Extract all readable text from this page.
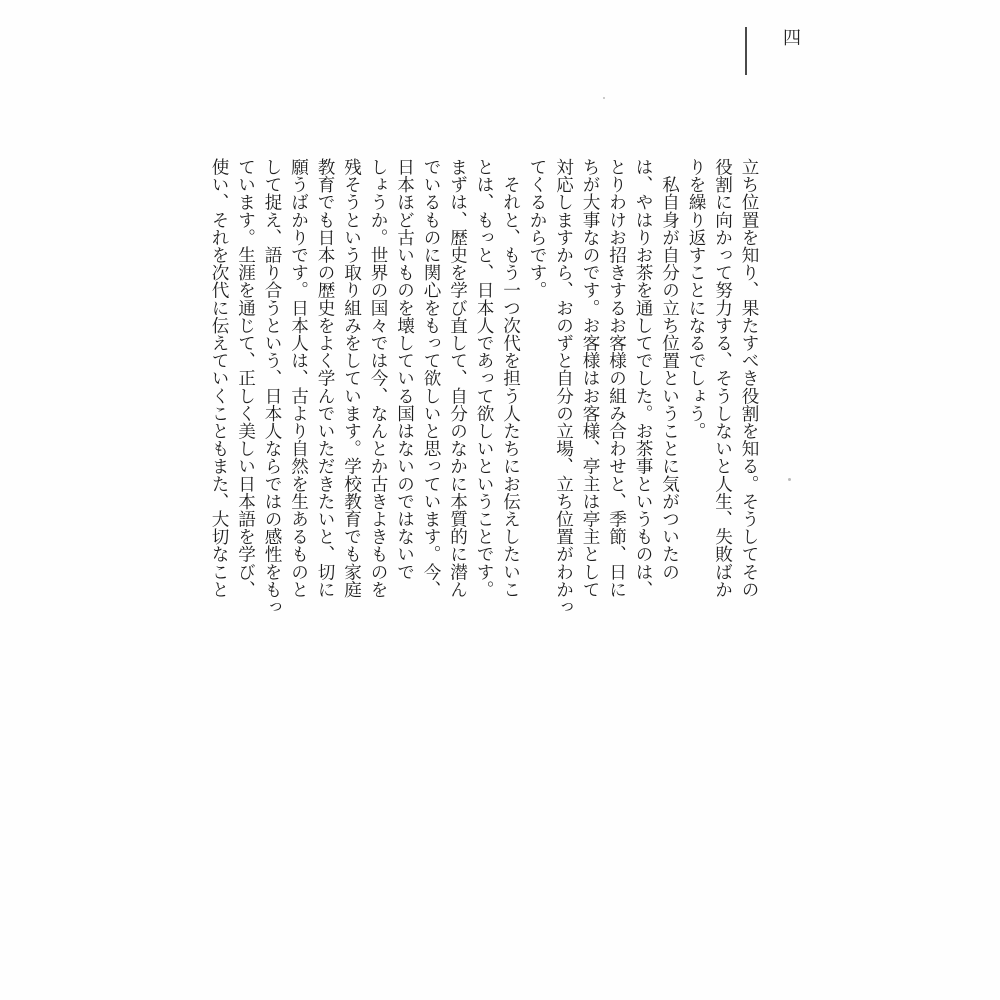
四

立ち位置を知り、果たすべき役割を知る。そうしてその

役割に向かって努力する、そうしないと人生、失敗ばか

りを繰り返すことになるでしょう。

　私自身が自分の立ち位置ということに気がついたの

は、やはりお茶を通してでした。お茶事というものは、

とりわけお招きするお客様の組み合わせと、季節、日に

ちが大事なのです。お客様はお客様、亭主は亭主として

対応しますから、おのずと自分の立場、立ち位置がわかっ

てくるからです。

　それと、もう一つ次代を担う人たちにお伝えしたいこ

とは、もっと、日本人であって欲しいということです。

まずは、歴史を学び直して、自分のなかに本質的に潜ん

でいるものに関心をもって欲しいと思っています。今、

日本ほど古いものを壊している国はないのではないで

しょうか。世界の国々では今、なんとか古きよきものを

残そうという取り組みをしています。学校教育でも家庭

教育でも日本の歴史をよく学んでいただきたいと、切に

願うばかりです。日本人は、古より自然を生あるものと

して捉え、語り合うという、日本人ならではの感性をもっ

ています。生涯を通じて、正しく美しい日本語を学び、

使い、それを次代に伝えていくこともまた、大切なこと
